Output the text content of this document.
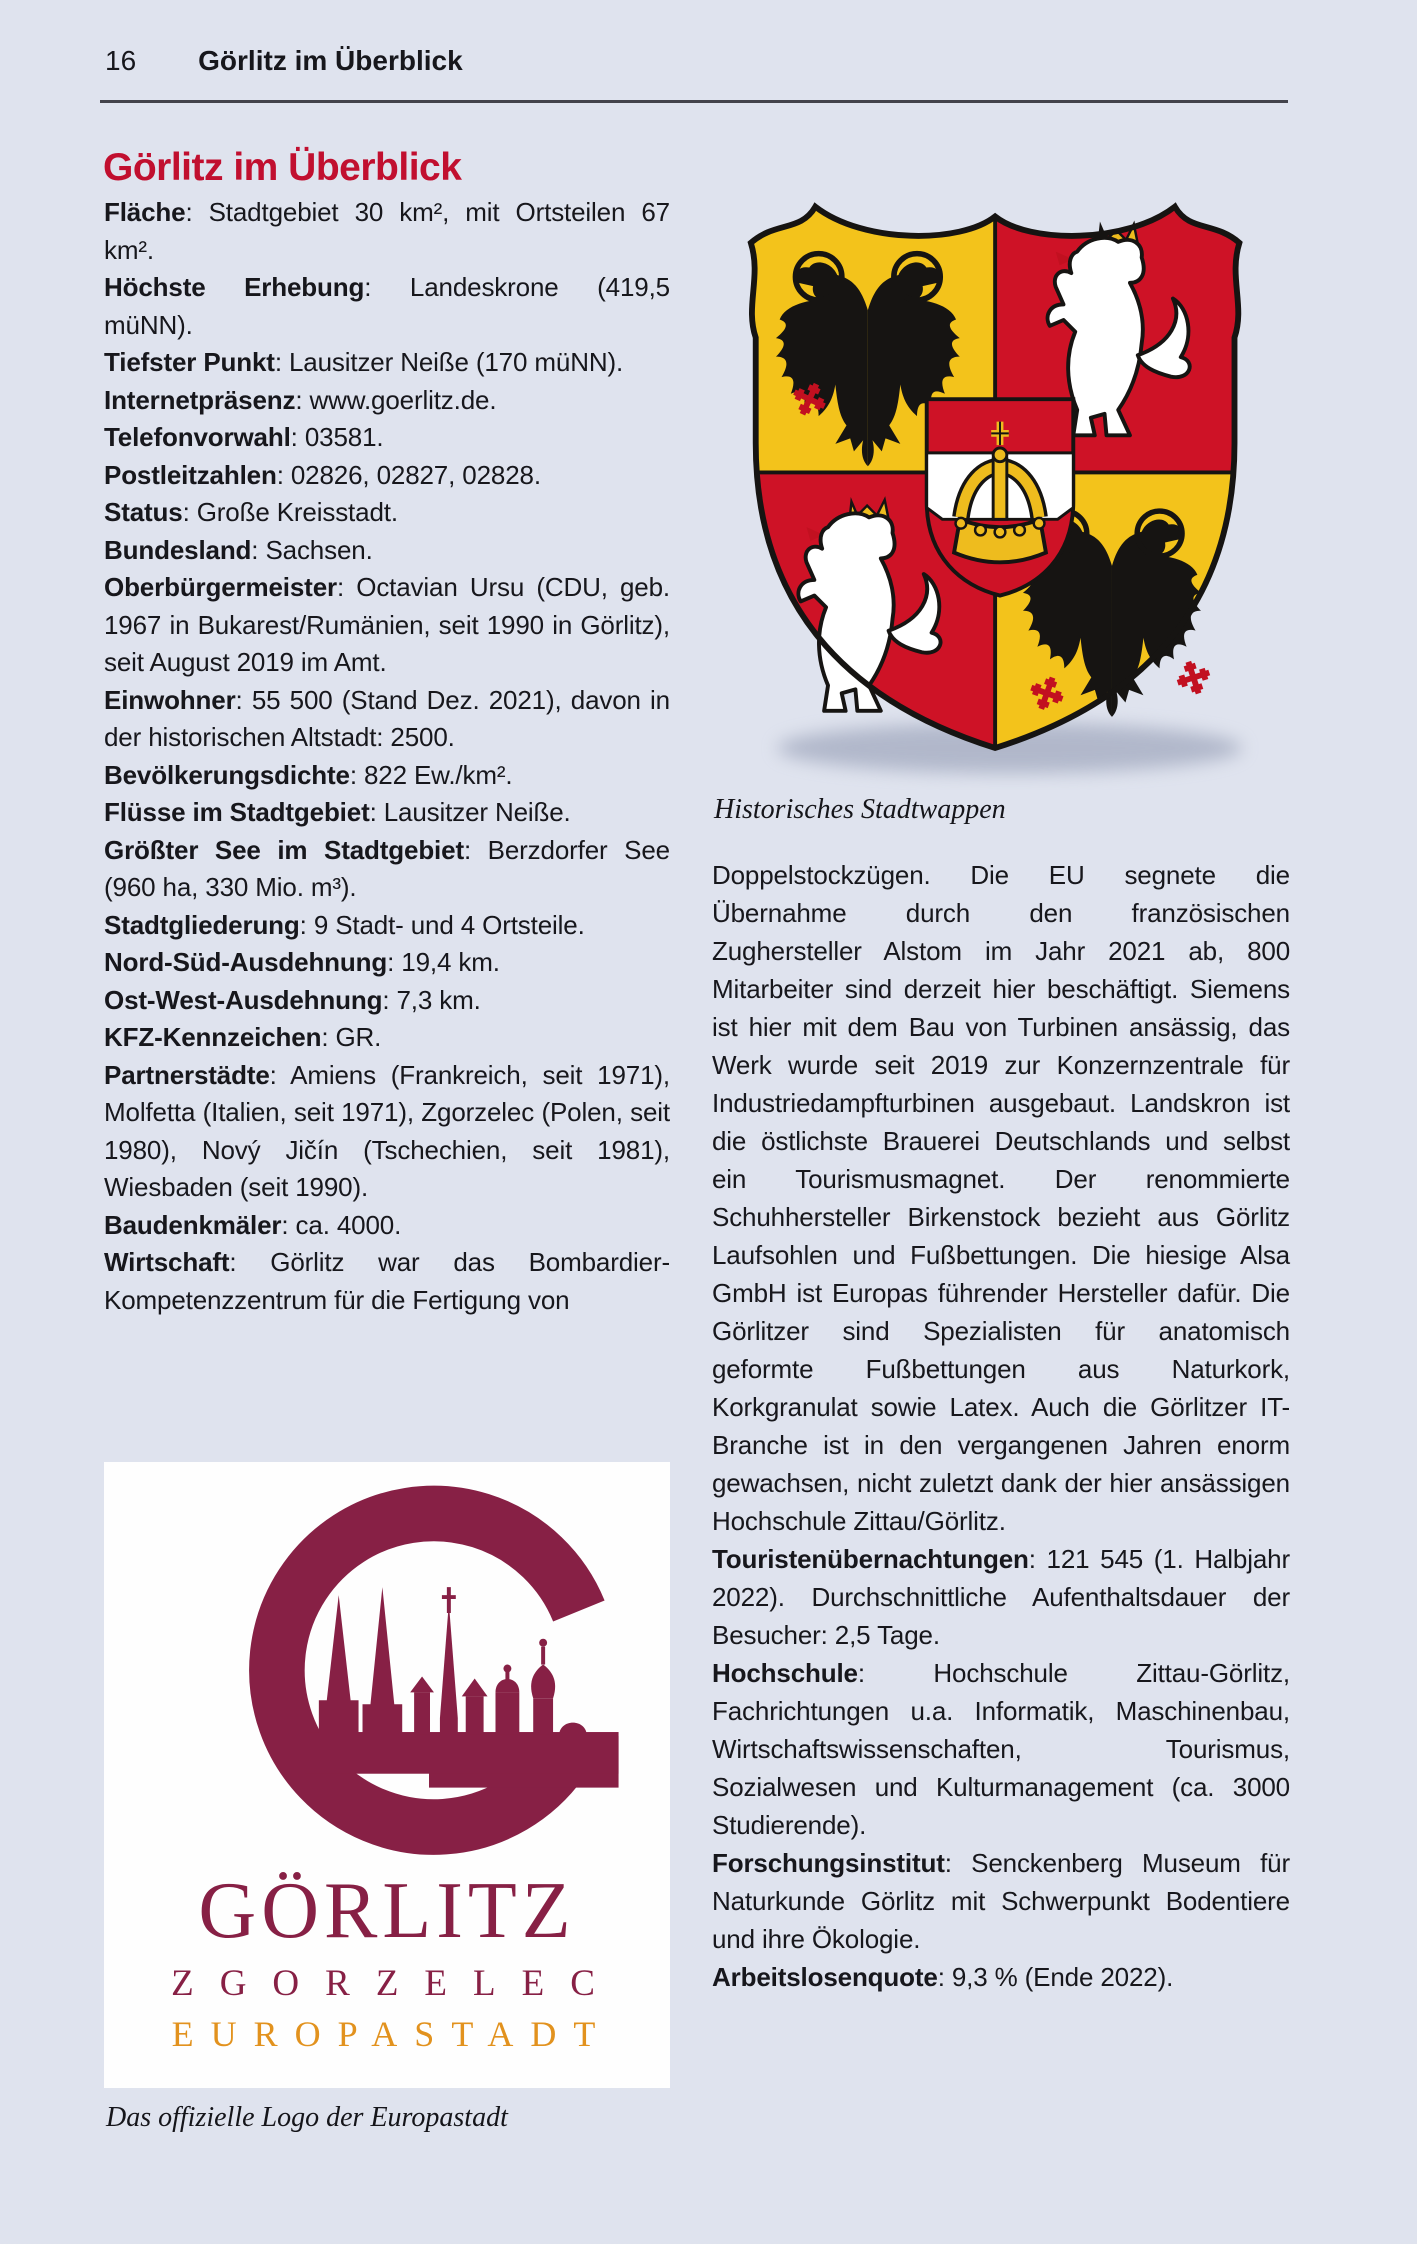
16 Görlitz im Überblick
Görlitz im Überblick

Fläche: Stadtgebiet 30 km², mit Ortsteilen 67 km².

Höchste Erhebung: Landeskrone (419,5 müNN).

Tiefster Punkt: Lausitzer Neiße (170 müNN).

Internetpräsenz: www.goerlitz.de.

Telefonvorwahl: 03581.

Postleitzahlen: 02826, 02827, 02828.

Status: Große Kreisstadt.

Bundesland: Sachsen.

Oberbürgermeister: Octavian Ursu (CDU, geb. 1967 in Bukarest/Rumänien, seit 1990 in Görlitz), seit August 2019 im Amt.

Einwohner: 55 500 (Stand Dez. 2021), davon in der historischen Altstadt: 2500.

Bevölkerungsdichte: 822 Ew./km².

Flüsse im Stadtgebiet: Lausitzer Neiße.

Größter See im Stadtgebiet: Berzdorfer See (960 ha, 330 Mio. m³).

Stadtgliederung: 9 Stadt- und 4 Ortsteile.

Nord-Süd-Ausdehnung: 19,4 km.

Ost-West-Ausdehnung: 7,3 km.

KFZ-Kennzeichen: GR.

Partnerstädte: Amiens (Frankreich, seit 1971), Molfetta (Italien, seit 1971), Zgorzelec (Polen, seit 1980), Nový Jičín (Tschechien, seit 1981), Wiesbaden (seit 1990).

Baudenkmäler: ca. 4000.

Wirtschaft: Görlitz war das Bombardier-Kompetenzzentrum für die Fertigung von

Historisches Stadtwappen

Doppelstockzügen. Die EU segnete die Übernahme durch den französischen Zughersteller Alstom im Jahr 2021 ab, 800 Mitarbeiter sind derzeit hier beschäftigt. Siemens ist hier mit dem Bau von Turbinen ansässig, das Werk wurde seit 2019 zur Konzernzentrale für Industriedampfturbinen ausgebaut. Landskron ist die östlichste Brauerei Deutschlands und selbst ein Tourismusmagnet. Der renommierte Schuhhersteller Birkenstock bezieht aus Görlitz Laufsohlen und Fußbettungen. Die hiesige Alsa GmbH ist Europas führender Hersteller dafür. Die Görlitzer sind Spezialisten für anatomisch geformte Fußbettungen aus Naturkork, Korkgranulat sowie Latex. Auch die Görlitzer IT-Branche ist in den vergangenen Jahren enorm gewachsen, nicht zuletzt dank der hier ansässigen Hochschule Zittau/Görlitz.

Touristenübernachtungen: 121 545 (1. Halbjahr 2022). Durchschnittliche Aufenthaltsdauer der Besucher: 2,5 Tage.

Hochschule: Hochschule Zittau-Görlitz, Fachrichtungen u.a. Informatik, Maschinenbau, Wirtschaftswissenschaften, Tourismus, Sozialwesen und Kulturmanagement (ca. 3000 Studierende).

Forschungsinstitut: Senckenberg Museum für Naturkunde Görlitz mit Schwerpunkt Bodentiere und ihre Ökologie.

Arbeitslosenquote: 9,3 % (Ende 2022).

GÖRLITZ
ZGORZELEC
EUROPASTADT
Das offizielle Logo der Europastadt
